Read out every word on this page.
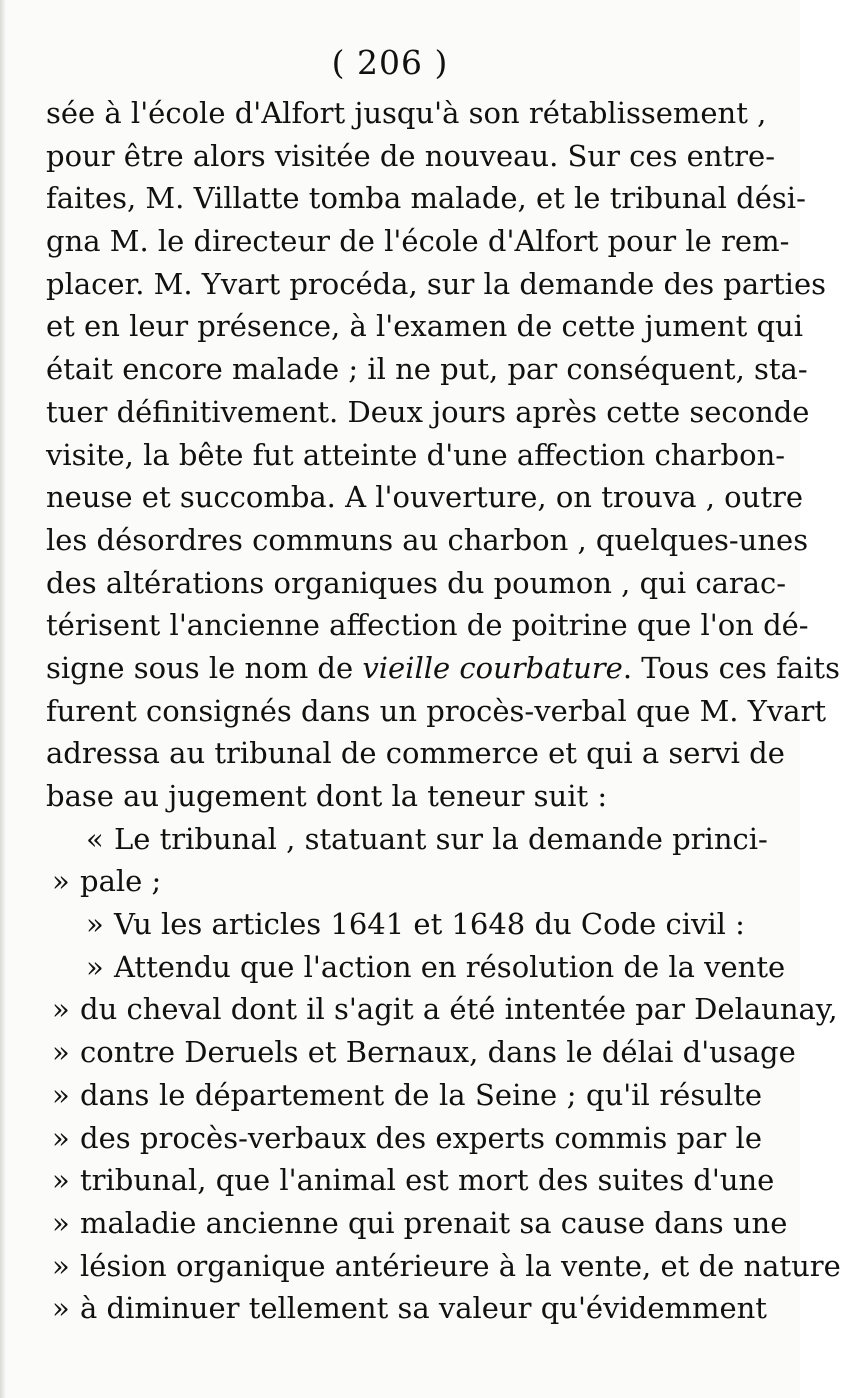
( 206 )
sée à l'école d'Alfort jusqu'à son rétablissement ,
pour être alors visitée de nouveau. Sur ces entre-
faites, M. Villatte tomba malade, et le tribunal dési-
gna M. le directeur de l'école d'Alfort pour le rem-
placer. M. Yvart procéda, sur la demande des parties
et en leur présence, à l'examen de cette jument qui
était encore malade ; il ne put, par conséquent, sta-
tuer définitivement. Deux jours après cette seconde
visite, la bête fut atteinte d'une affection charbon-
neuse et succomba. A l'ouverture, on trouva , outre
les désordres communs au charbon , quelques-unes
des altérations organiques du poumon , qui carac-
térisent l'ancienne affection de poitrine que l'on dé-
signe sous le nom de vieille courbature. Tous ces faits
furent consignés dans un procès-verbal que M. Yvart
adressa au tribunal de commerce et qui a servi de
base au jugement dont la teneur suit :
« Le tribunal , statuant sur la demande princi-
» pale ;
» Vu les articles 1641 et 1648 du Code civil :
» Attendu que l'action en résolution de la vente
» du cheval dont il s'agit a été intentée par Delaunay,
» contre Deruels et Bernaux, dans le délai d'usage
» dans le département de la Seine ; qu'il résulte
» des procès-verbaux des experts commis par le
» tribunal, que l'animal est mort des suites d'une
» maladie ancienne qui prenait sa cause dans une
» lésion organique antérieure à la vente, et de nature
» à diminuer tellement sa valeur qu'évidemment
